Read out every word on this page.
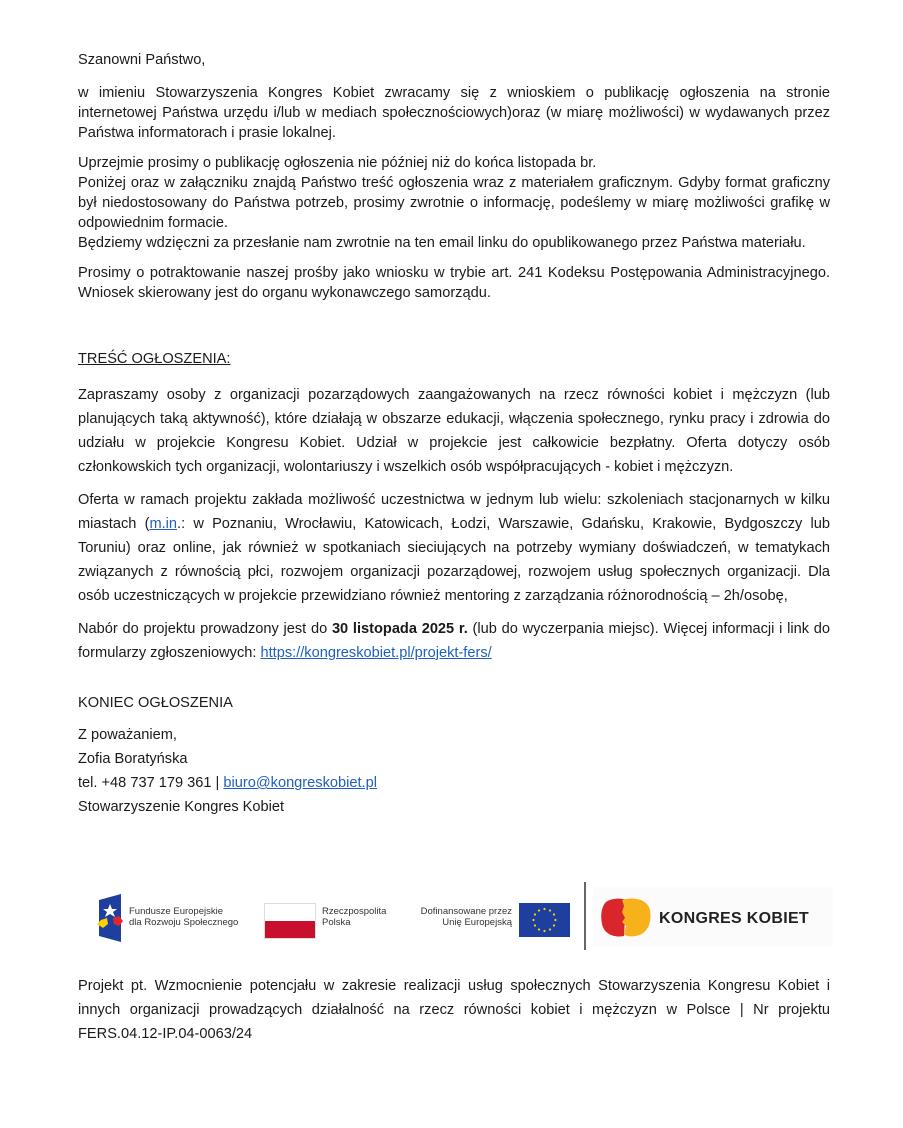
Szanowni Państwo,

w imieniu Stowarzyszenia Kongres Kobiet zwracamy się z wnioskiem o publikację ogłoszenia na stronie internetowej Państwa urzędu i/lub w mediach społecznościowych)oraz (w miarę możliwości) w wydawanych przez Państwa informatorach i prasie lokalnej.

Uprzejmie prosimy o publikację ogłoszenia nie później niż do końca listopada br.

Poniżej oraz w załączniku znajdą Państwo treść ogłoszenia wraz z materiałem graficznym. Gdyby format graficzny był niedostosowany do Państwa potrzeb, prosimy zwrotnie o informację, podeślemy w miarę możliwości grafikę w odpowiednim formacie.

Będziemy wdzięczni za przesłanie nam zwrotnie na ten email linku do opublikowanego przez Państwa materiału.

Prosimy o potraktowanie naszej prośby jako wniosku w trybie art. 241 Kodeksu Postępowania Administracyjnego. Wniosek skierowany jest do organu wykonawczego samorządu.

TREŚĆ OGŁOSZENIA:

Zapraszamy osoby z organizacji pozarządowych zaangażowanych na rzecz równości kobiet i mężczyzn (lub planujących taką aktywność), które działają w obszarze edukacji, włączenia społecznego, rynku pracy i zdrowia do udziału w projekcie Kongresu Kobiet. Udział w projekcie jest całkowicie bezpłatny. Oferta dotyczy osób członkowskich tych organizacji, wolontariuszy i wszelkich osób współpracujących - kobiet i mężczyzn.

Oferta w ramach projektu zakłada możliwość uczestnictwa w jednym lub wielu: szkoleniach stacjonarnych w kilku miastach (m.in.: w Poznaniu, Wrocławiu, Katowicach, Łodzi, Warszawie, Gdańsku, Krakowie, Bydgoszczy lub Toruniu) oraz online, jak również w spotkaniach sieciujących na potrzeby wymiany doświadczeń, w tematykach związanych z równością płci, rozwojem organizacji pozarządowej, rozwojem usług społecznych organizacji. Dla osób uczestniczących w projekcie przewidziano również mentoring z zarządzania różnorodnością – 2h/osobę,

Nabór do projektu prowadzony jest do 30 listopada 2025 r. (lub do wyczerpania miejsc). Więcej informacji i link do formularzy zgłoszeniowych: https://kongreskobiet.pl/projekt-fers/

KONIEC OGŁOSZENIA

Z poważaniem,

Zofia Boratyńska

tel. +48 737 179 361 | biuro@kongreskobiet.pl

Stowarzyszenie Kongres Kobiet

Fundusze Europejskie
dla Rozwoju Społecznego
Rzeczpospolita
Polska
Dofinansowane przez
Unię Europejską	KONGRES KOBIET

Projekt pt. Wzmocnienie potencjału w zakresie realizacji usług społecznych Stowarzyszenia Kongresu Kobiet i innych organizacji prowadzących działalność na rzecz równości kobiet i mężczyzn w Polsce | Nr projektu FERS.04.12-IP.04-0063/24
